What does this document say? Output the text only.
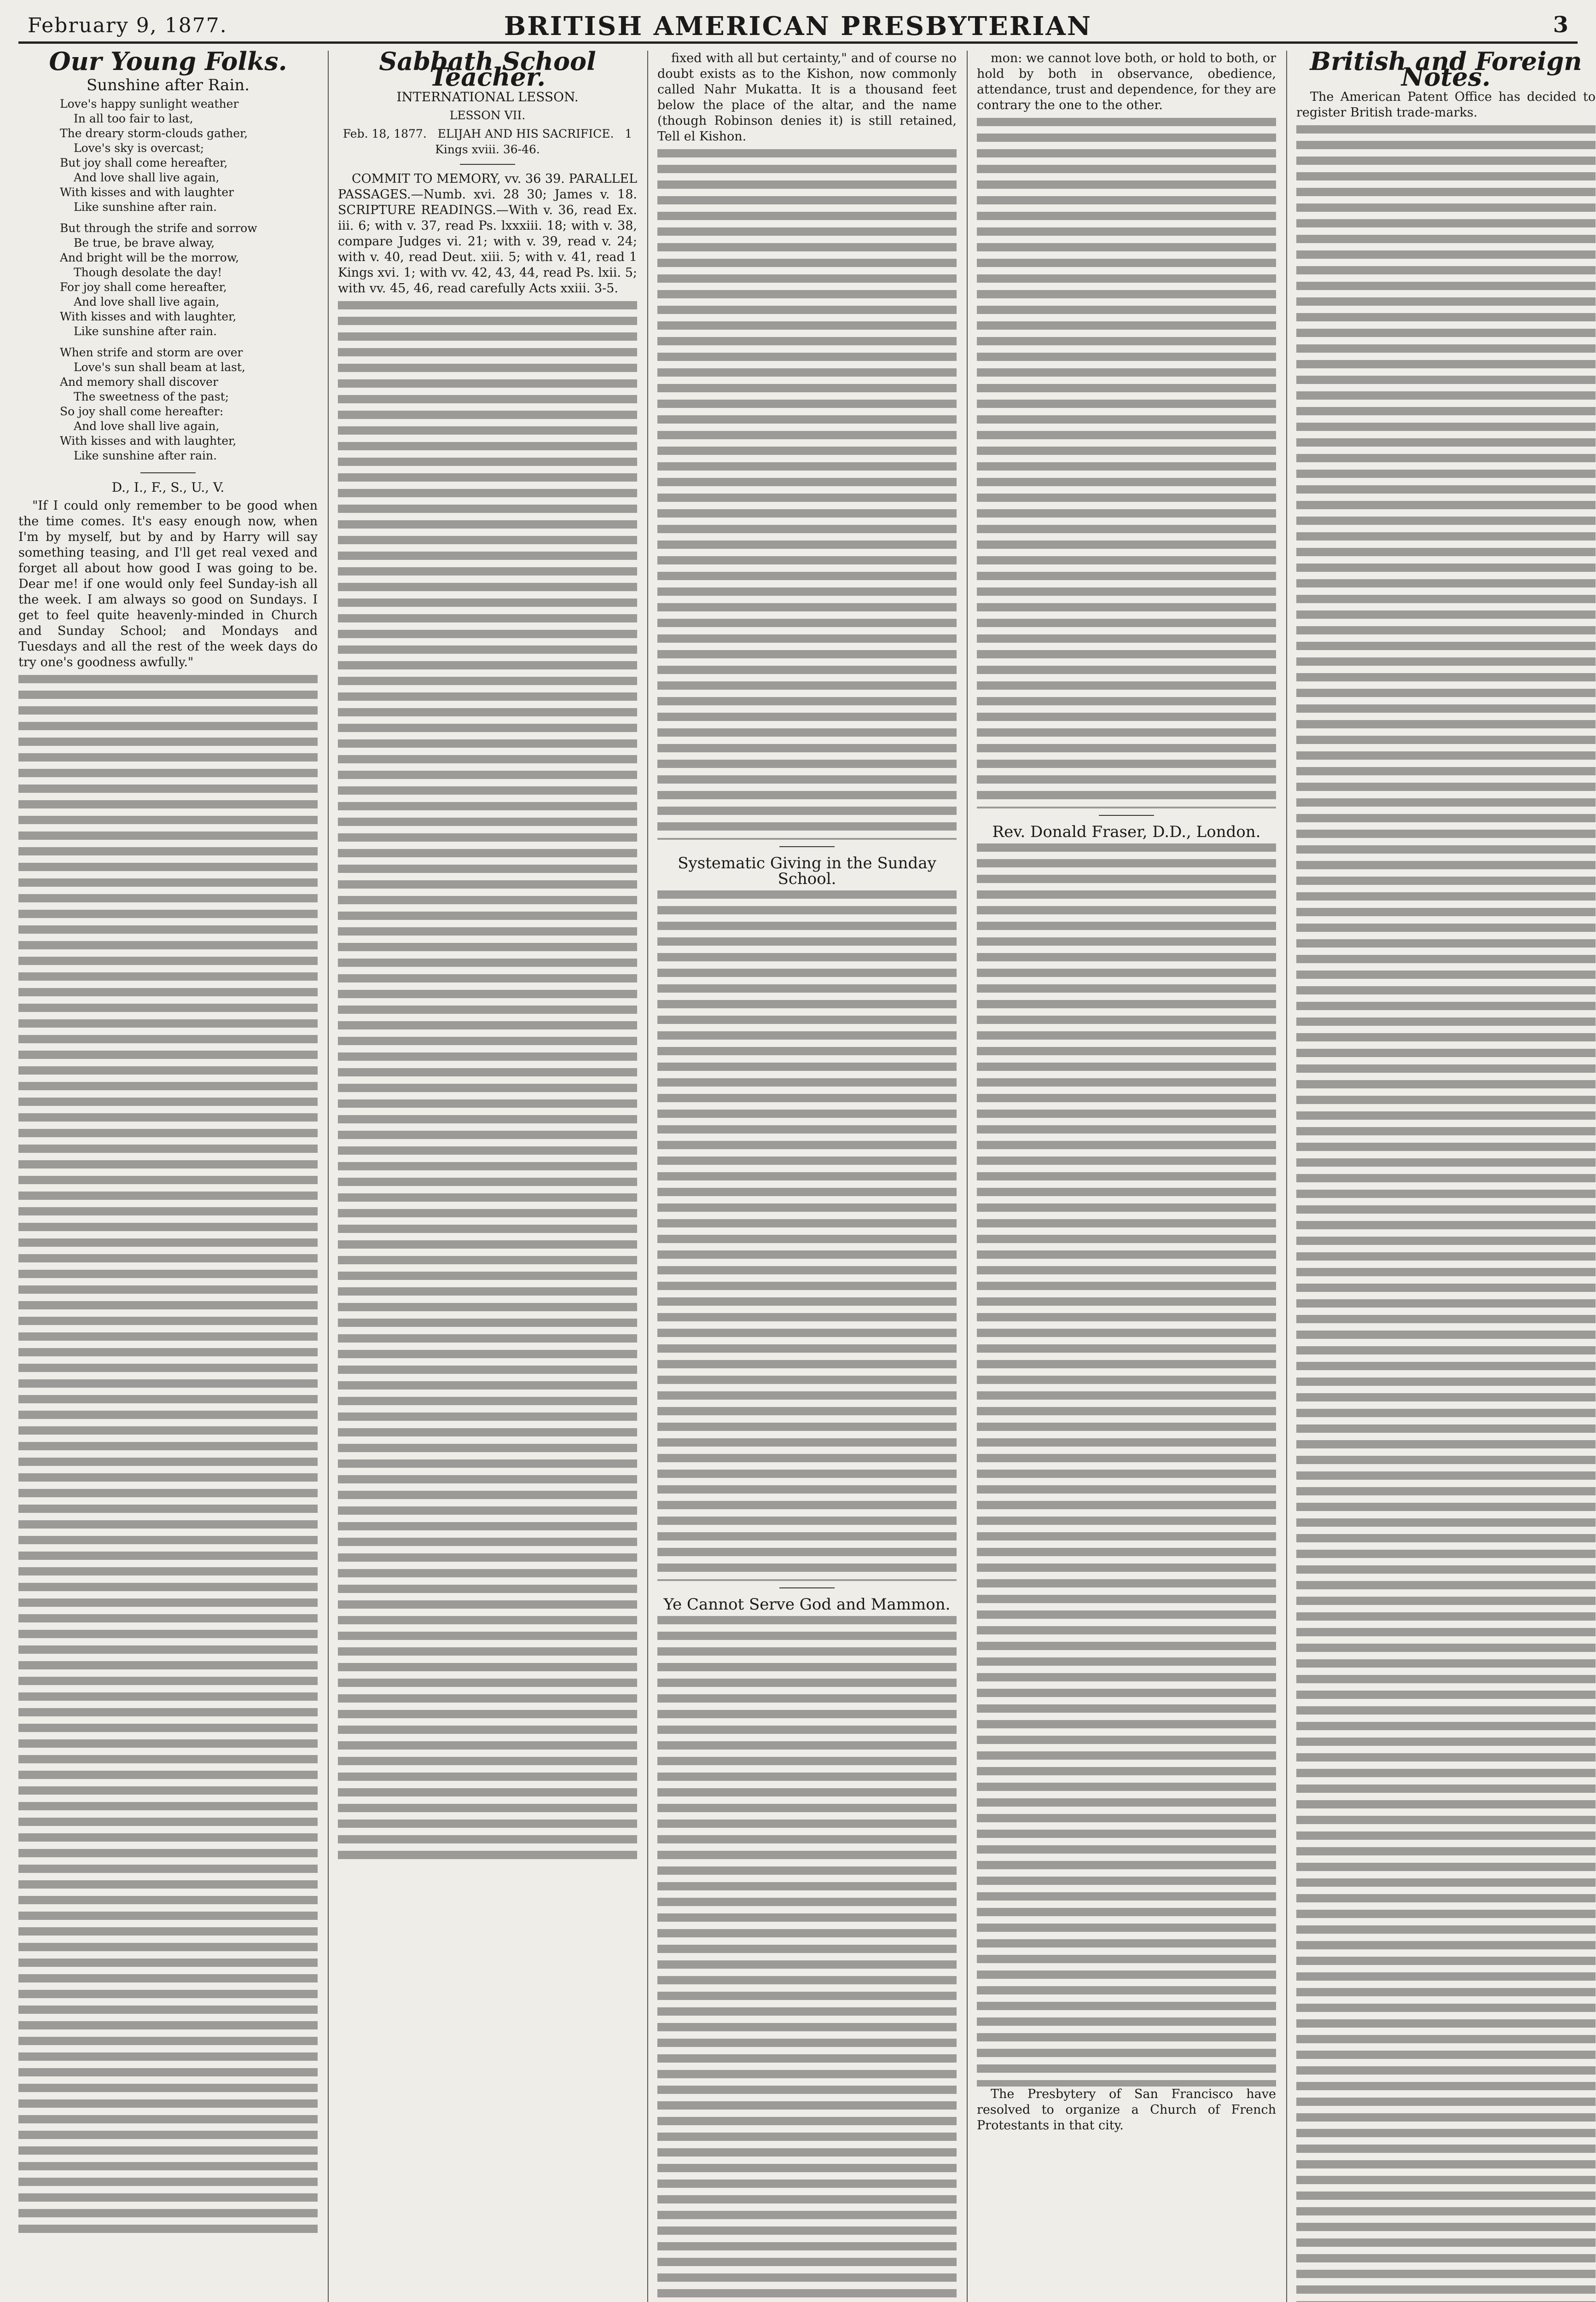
February 9, 1877.	BRITISH AMERICAN PRESBYTERIAN	3
Our Young Folks.
Sunshine after Rain.
Love's happy sunlight weather
In all too fair to last,
The dreary storm-clouds gather,
Love's sky is overcast;
But joy shall come hereafter,
And love shall live again,
With kisses and with laughter
Like sunshine after rain.
But through the strife and sorrow
Be true, be brave alway,
And bright will be the morrow,
Though desolate the day!
For joy shall come hereafter,
And love shall live again,
With kisses and with laughter,
Like sunshine after rain.
When strife and storm are over
Love's sun shall beam at last,
And memory shall discover
The sweetness of the past;
So joy shall come hereafter:
And love shall live again,
With kisses and with laughter,
Like sunshine after rain.
D., I., F., S., U., V.

"If I could only remember to be good when the time comes. It's easy enough now, when I'm by myself, but by and by Harry will say something teasing, and I'll get real vexed and forget all about how good I was going to be. Dear me! if one would only feel Sunday-ish all the week. I am always so good on Sundays. I get to feel quite heavenly-minded in Church and Sunday School; and Mondays and Tuesdays and all the rest of the week days do try one's goodness awfully."

Sabbath School Teacher.
INTERNATIONAL LESSON.
LESSON VII.
Feb. 18, 1877. ELIJAH AND HIS SACRIFICE. 1 Kings xviii. 36-46.

COMMIT TO MEMORY, vv. 36 39. PARALLEL PASSAGES.—Numb. xvi. 28 30; James v. 18. SCRIPTURE READINGS.—With v. 36, read Ex. iii. 6; with v. 37, read Ps. lxxxiii. 18; with v. 38, compare Judges vi. 21; with v. 39, read v. 24; with v. 40, read Deut. xiii. 5; with v. 41, read 1 Kings xvi. 1; with vv. 42, 43, 44, read Ps. lxii. 5; with vv. 45, 46, read carefully Acts xxiii. 3-5.

fixed with all but certainty," and of course no doubt exists as to the Kishon, now commonly called Nahr Mukatta. It is a thousand feet below the place of the altar, and the name (though Robinson denies it) is still retained, Tell el Kishon.

Systematic Giving in the Sunday School.
Ye Cannot Serve God and Mammon.

mon: we cannot love both, or hold to both, or hold by both in observance, obedience, attendance, trust and dependence, for they are contrary the one to the other.

Rev. Donald Fraser, D.D., London.

The Presbytery of San Francisco have resolved to organize a Church of French Protestants in that city.

British and Foreign Notes.

The American Patent Office has decided to register British trade-marks.
